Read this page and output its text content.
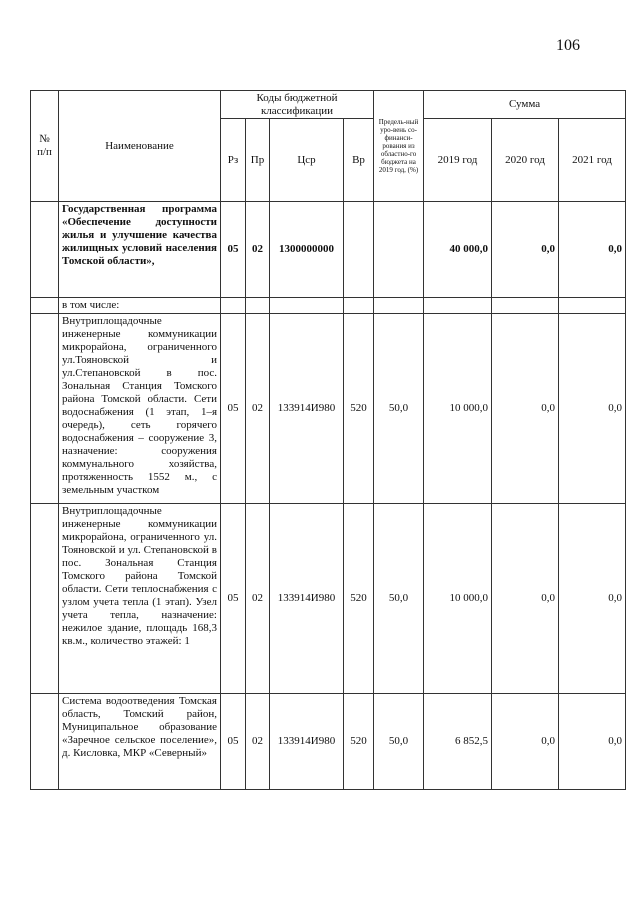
106
№ п/п	Наименование	Коды бюджетной классификации				Предель-ный уро-вень со-финанси-рования из областно-го бюджета на 2019 год, (%)	Сумма		
		Рз	Пр	Цср	Вр		2019 год	2020 год	2021 год
	Государственная программа «Обеспечение доступности жилья и улучшение качества жилищных условий населения Томской области»,	05	02	1300000000			40 000,0	0,0	0,0
	в том числе:								
	Внутриплощадочные инженерные коммуникации микрорайона, ограниченного ул.Тояновской и ул.Степановской в пос. Зональная Станция Томского района Томской области. Сети водоснабжения (1 этап, 1–я очередь), сеть горячего водоснабжения – сооружение 3, назначение: сооружения коммунального хозяйства, протяженность 1552 м., с земельным участком	05	02	133914И980	520	50,0	10 000,0	0,0	0,0
	Внутриплощадочные инженерные коммуникации микрорайона, ограниченного ул. Тояновской и ул. Степановской в пос. Зональная Станция Томского района Томской области. Сети теплоснабжения с узлом учета тепла (1 этап). Узел учета тепла, назначение: нежилое здание, площадь 168,3 кв.м., количество этажей: 1	05	02	133914И980	520	50,0	10 000,0	0,0	0,0
	Система водоотведения Томская область, Томский район, Муниципальное образование «Заречное сельское поселение», д. Кисловка, МКР «Северный»	05	02	133914И980	520	50,0	6 852,5	0,0	0,0
